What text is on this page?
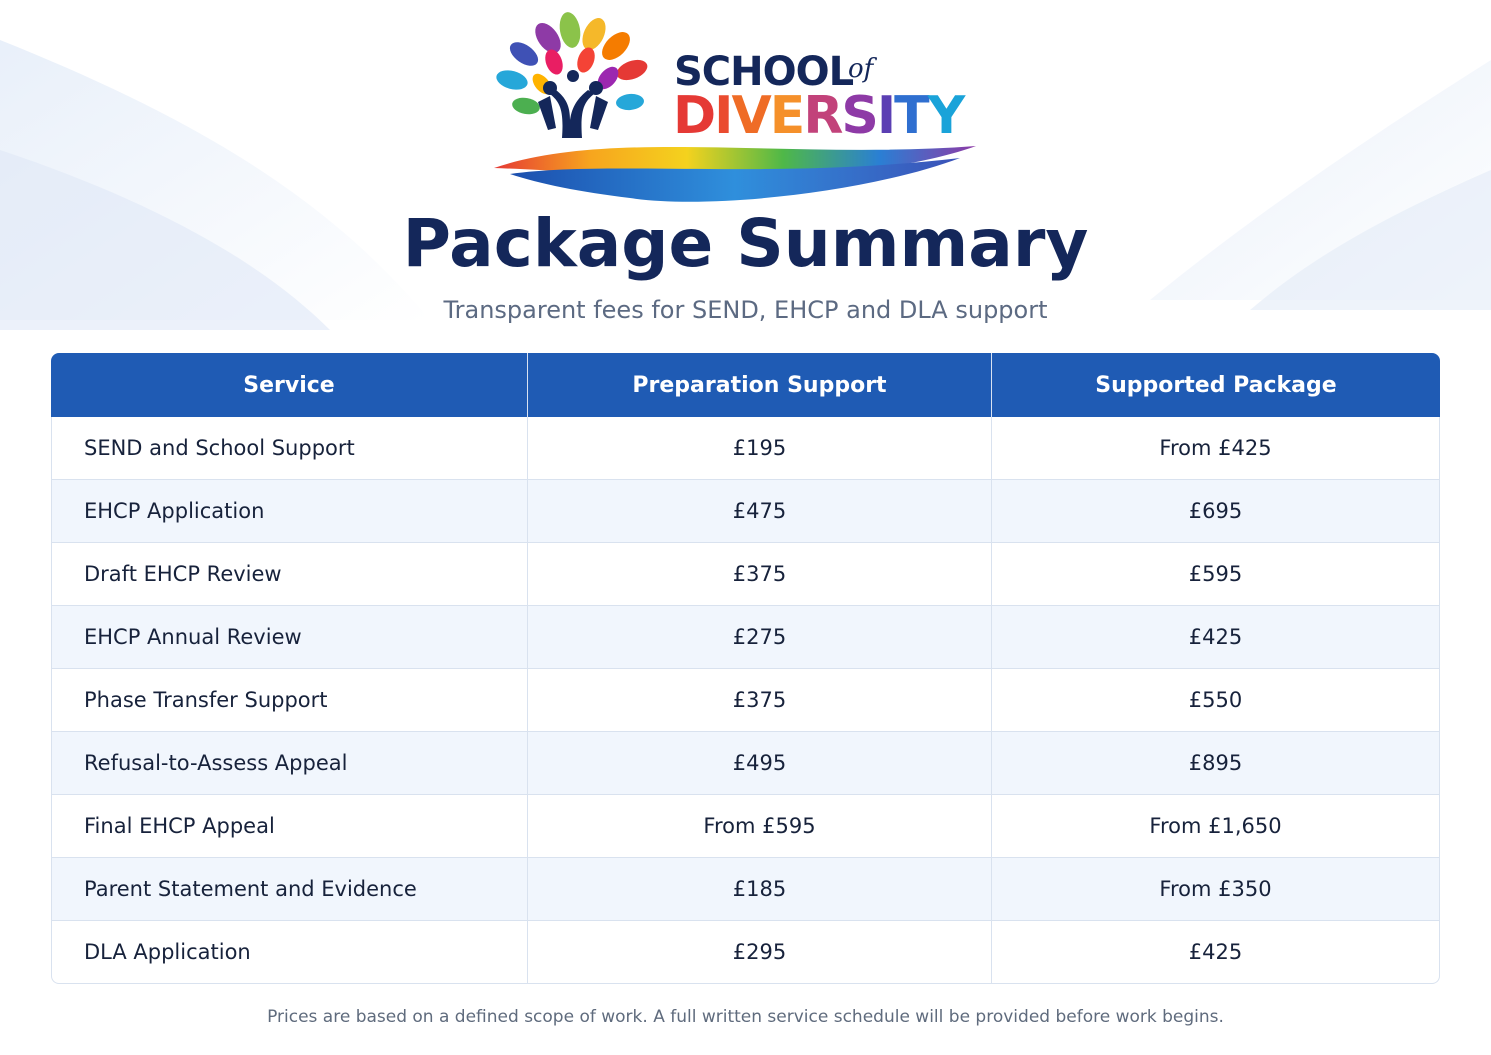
SCHOOL
of
DIVERSITY
Package Summary
Transparent fees for SEND, EHCP and DLA support
Service	Preparation Support	Supported Package
SEND and School Support	£195	From £425
EHCP Application	£475	£695
Draft EHCP Review	£375	£595
EHCP Annual Review	£275	£425
Phase Transfer Support	£375	£550
Refusal-to-Assess Appeal	£495	£895
Final EHCP Appeal	From £595	From £1,650
Parent Statement and Evidence	£185	From £350
DLA Application	£295	£425
Prices are based on a defined scope of work. A full written service schedule will be provided before work begins.
